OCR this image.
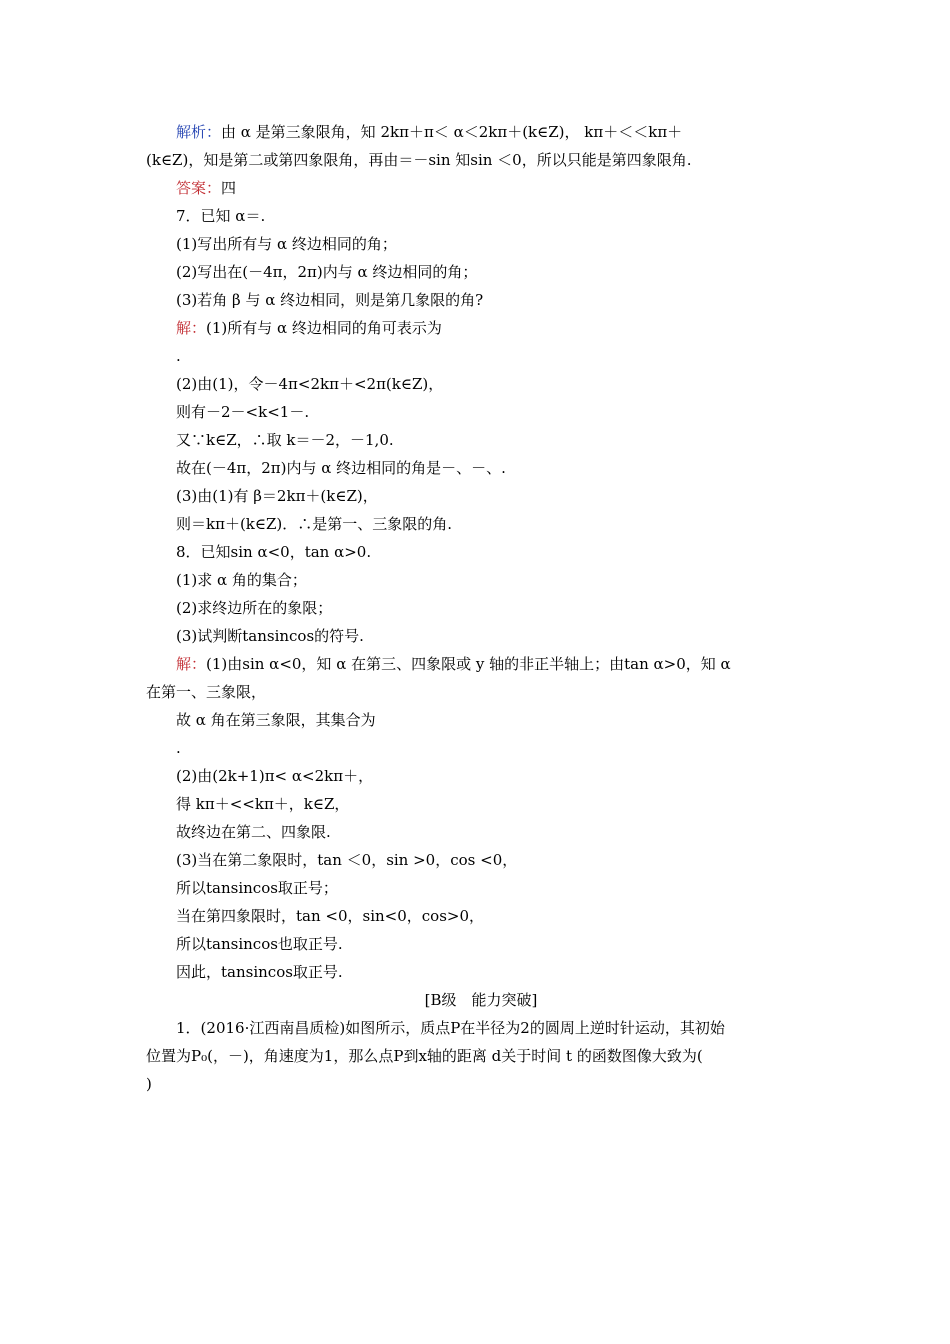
解析：由 α 是第三象限角，知 2kπ＋π＜ α＜2kπ＋(k∈Z)， kπ＋＜＜kπ＋
(k∈Z)，知是第二或第四象限角，再由＝－sin 知sin ＜0，所以只能是第四象限角.
答案：四
7．已知 α＝.
(1)写出所有与 α 终边相同的角；
(2)写出在(－4π，2π)内与 α 终边相同的角；
(3)若角 β 与 α 终边相同，则是第几象限的角?
解：(1)所有与 α 终边相同的角可表示为
.
(2)由(1)，令－4π<2kπ＋<2π(k∈Z)，
则有－2－<k<1－.
又∵k∈Z，∴取 k＝－2，－1,0.
故在(－4π，2π)内与 α 终边相同的角是－、－、.
(3)由(1)有 β＝2kπ＋(k∈Z)，
则＝kπ＋(k∈Z)．∴是第一、三象限的角.
8．已知sin α<0，tan α>0.
(1)求 α 角的集合；
(2)求终边所在的象限；
(3)试判断tansincos的符号.
解：(1)由sin α<0，知 α 在第三、四象限或 y 轴的非正半轴上；由tan α>0，知 α
在第一、三象限，
故 α 角在第三象限，其集合为
.
(2)由(2k+1)π< α<2kπ＋，
得 kπ＋<<kπ＋，k∈Z，
故终边在第二、四象限.
(3)当在第二象限时，tan ＜0，sin >0，cos <0，
所以tansincos取正号；
当在第四象限时，tan <0，sin<0，cos>0，
所以tansincos也取正号.
因此，tansincos取正号.
[B级　能力突破]
1．(2016·江西南昌质检)如图所示，质点P在半径为2的圆周上逆时针运动，其初始
位置为P₀(，－)，角速度为1，那么点P到x轴的距离 d关于时间 t 的函数图像大致为(
)
